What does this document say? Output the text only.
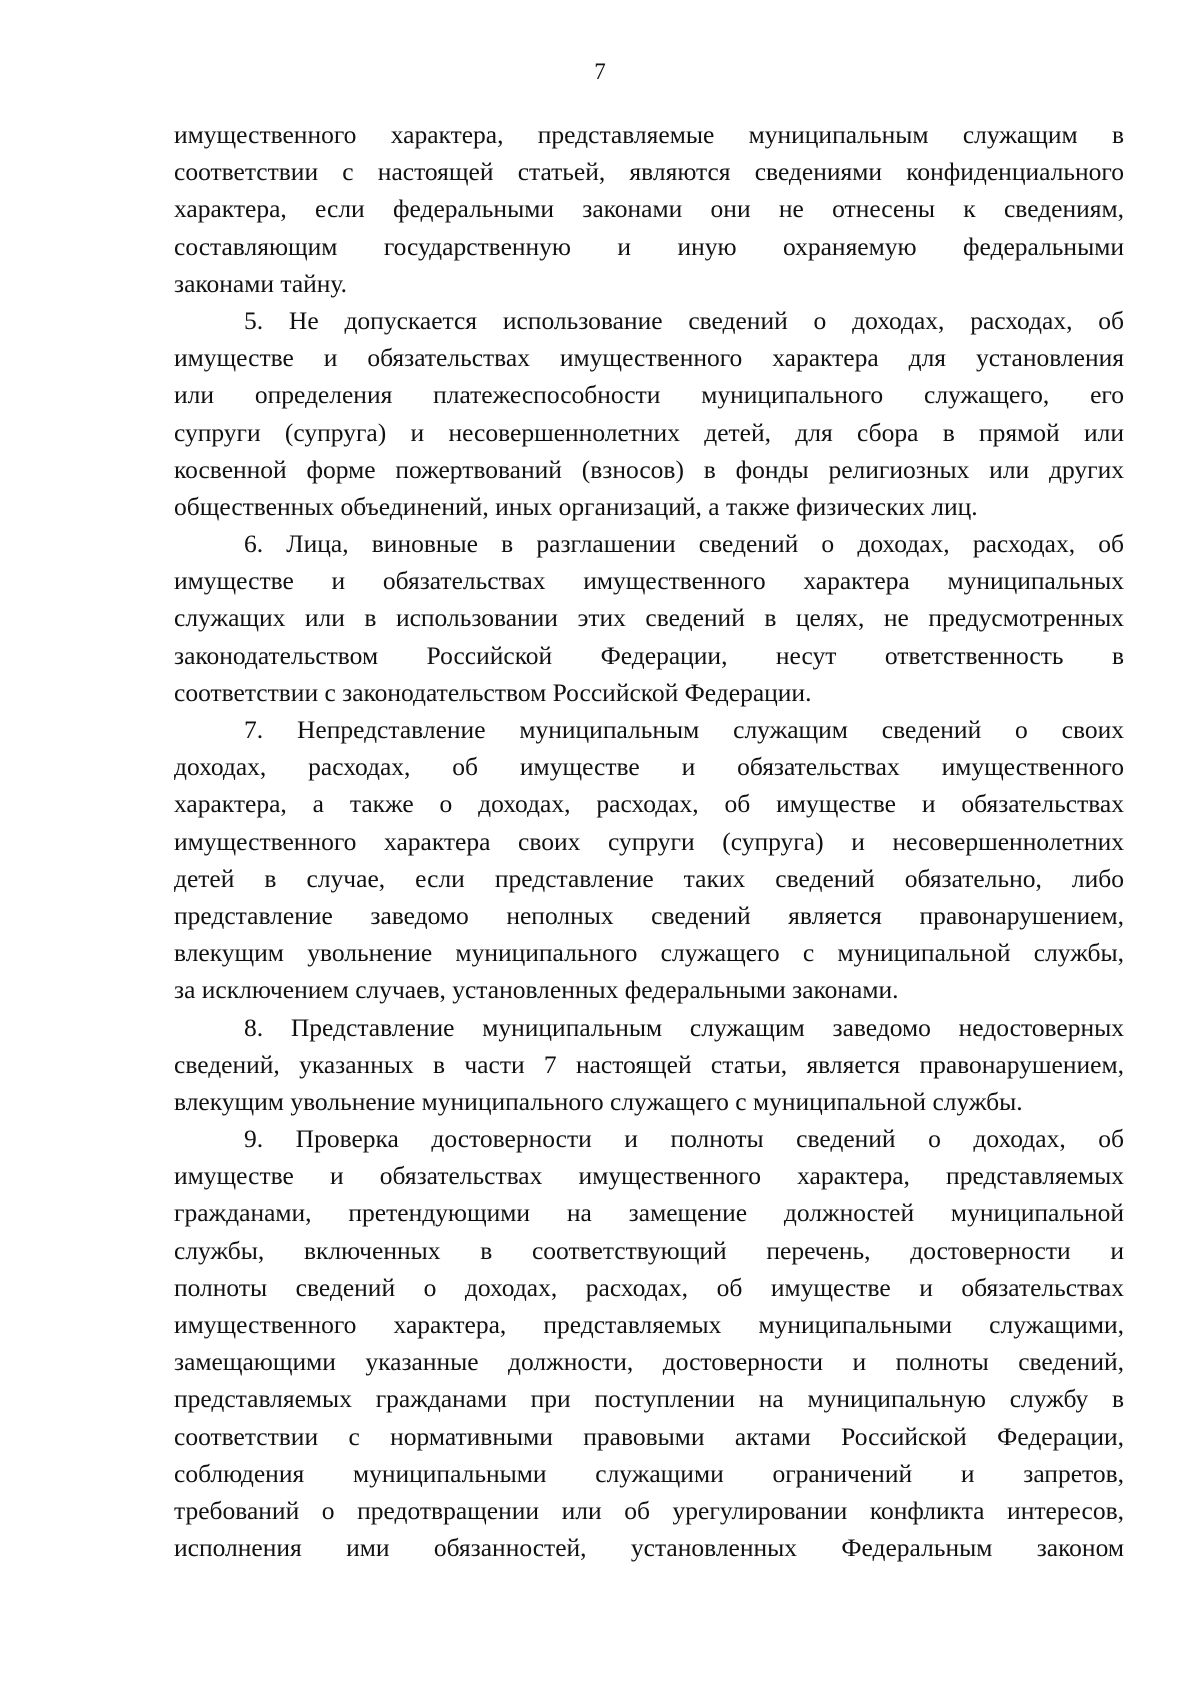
7
имущественного характера, представляемые муниципальным служащим в
соответствии с настоящей статьей, являются сведениями конфиденциального
характера, если федеральными законами они не отнесены к сведениям,
составляющим государственную и иную охраняемую федеральными
законами тайну.
5. Не допускается использование сведений о доходах, расходах, об
имуществе и обязательствах имущественного характера для установления
или определения платежеспособности муниципального служащего, его
супруги (супруга) и несовершеннолетних детей, для сбора в прямой или
косвенной форме пожертвований (взносов) в фонды религиозных или других
общественных объединений, иных организаций, а также физических лиц.
6. Лица, виновные в разглашении сведений о доходах, расходах, об
имуществе и обязательствах имущественного характера муниципальных
служащих или в использовании этих сведений в целях, не предусмотренных
законодательством Российской Федерации, несут ответственность в
соответствии с законодательством Российской Федерации.
7. Непредставление муниципальным служащим сведений о своих
доходах, расходах, об имуществе и обязательствах имущественного
характера, а также о доходах, расходах, об имуществе и обязательствах
имущественного характера своих супруги (супруга) и несовершеннолетних
детей в случае, если представление таких сведений обязательно, либо
представление заведомо неполных сведений является правонарушением,
влекущим увольнение муниципального служащего с муниципальной службы,
за исключением случаев, установленных федеральными законами.
8. Представление муниципальным служащим заведомо недостоверных
сведений, указанных в части 7 настоящей статьи, является правонарушением,
влекущим увольнение муниципального служащего с муниципальной службы.
9. Проверка достоверности и полноты сведений о доходах, об
имуществе и обязательствах имущественного характера, представляемых
гражданами, претендующими на замещение должностей муниципальной
службы, включенных в соответствующий перечень, достоверности и
полноты сведений о доходах, расходах, об имуществе и обязательствах
имущественного характера, представляемых муниципальными служащими,
замещающими указанные должности, достоверности и полноты сведений,
представляемых гражданами при поступлении на муниципальную службу в
соответствии с нормативными правовыми актами Российской Федерации,
соблюдения муниципальными служащими ограничений и запретов,
требований о предотвращении или об урегулировании конфликта интересов,
исполнения ими обязанностей, установленных Федеральным законом
